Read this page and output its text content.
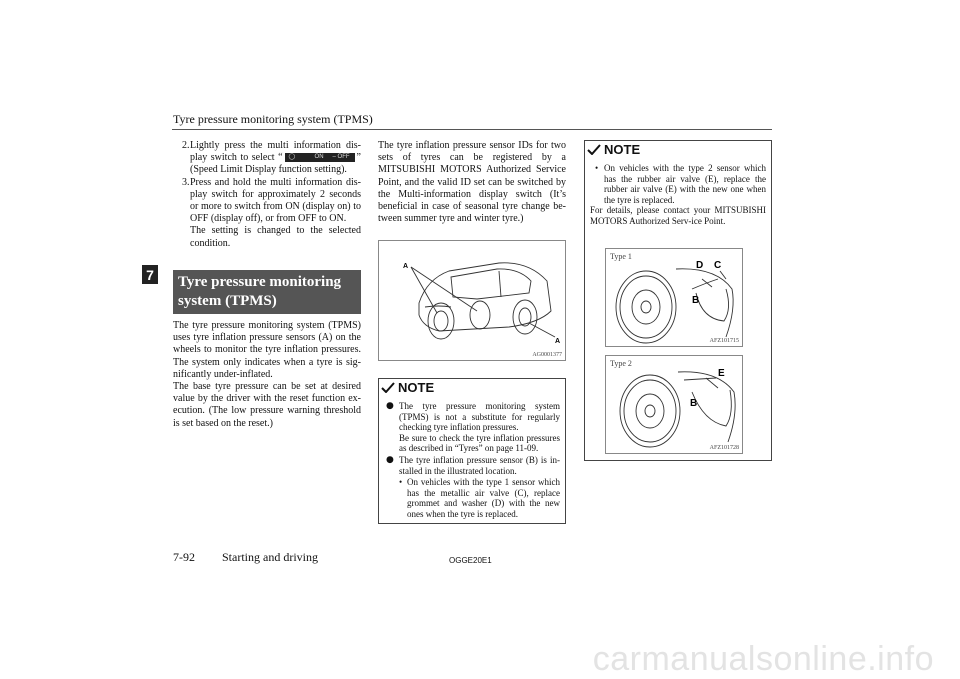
Tyre pressure monitoring system (TPMS)
7
2. Lightly press the multi information dis-play switch to select “ ◯	ON – OFF ” (Speed Limit Display function setting).

3. Press and hold the multi information dis-play switch for approximately 2 seconds or more to switch from ON (display on) to OFF (display off), or from OFF to ON.

The setting is changed to the selected condition.

Tyre pressure monitoring system (TPMS)

The tyre pressure monitoring system (TPMS) uses tyre inflation pressure sensors (A) on the wheels to monitor the tyre inflation pressures. The system only indicates when a tyre is sig-nificantly under-inflated.

The base tyre pressure can be set at desired value by the driver with the reset function ex-ecution. (The low pressure warning threshold is set based on the reset.)

The tyre inflation pressure sensor IDs for two sets of tyres can be registered by a MITSUBISHI MOTORS Authorized Service Point, and the valid ID set can be switched by the Multi-information display switch (It’s beneficial in case of seasonal tyre change be-tween summer tyre and winter tyre.)

A
A
AG0001377
NOTE
● The tyre pressure monitoring system (TPMS) is not a substitute for regularly checking tyre inflation pressures.
Be sure to check the tyre inflation pressures as described in “Tyres” on page 11-09.
● The tyre inflation pressure sensor (B) is in-stalled in the illustrated location.
• On vehicles with the type 1 sensor which has the metallic air valve (C), replace grommet and washer (D) with the new ones when the tyre is replaced.
NOTE
• On vehicles with the type 2 sensor which has the rubber air valve (E), replace the rubber air valve (E) with the new one when the tyre is replaced.
For details, please contact your MITSUBISHI MOTORS Authorized Serv-ice Point.
Type 1
D C
B
AFZ101715
Type 2
E
B
AFZ101728
7-92 Starting and driving	OGGE20E1
carmanualsonline.info
